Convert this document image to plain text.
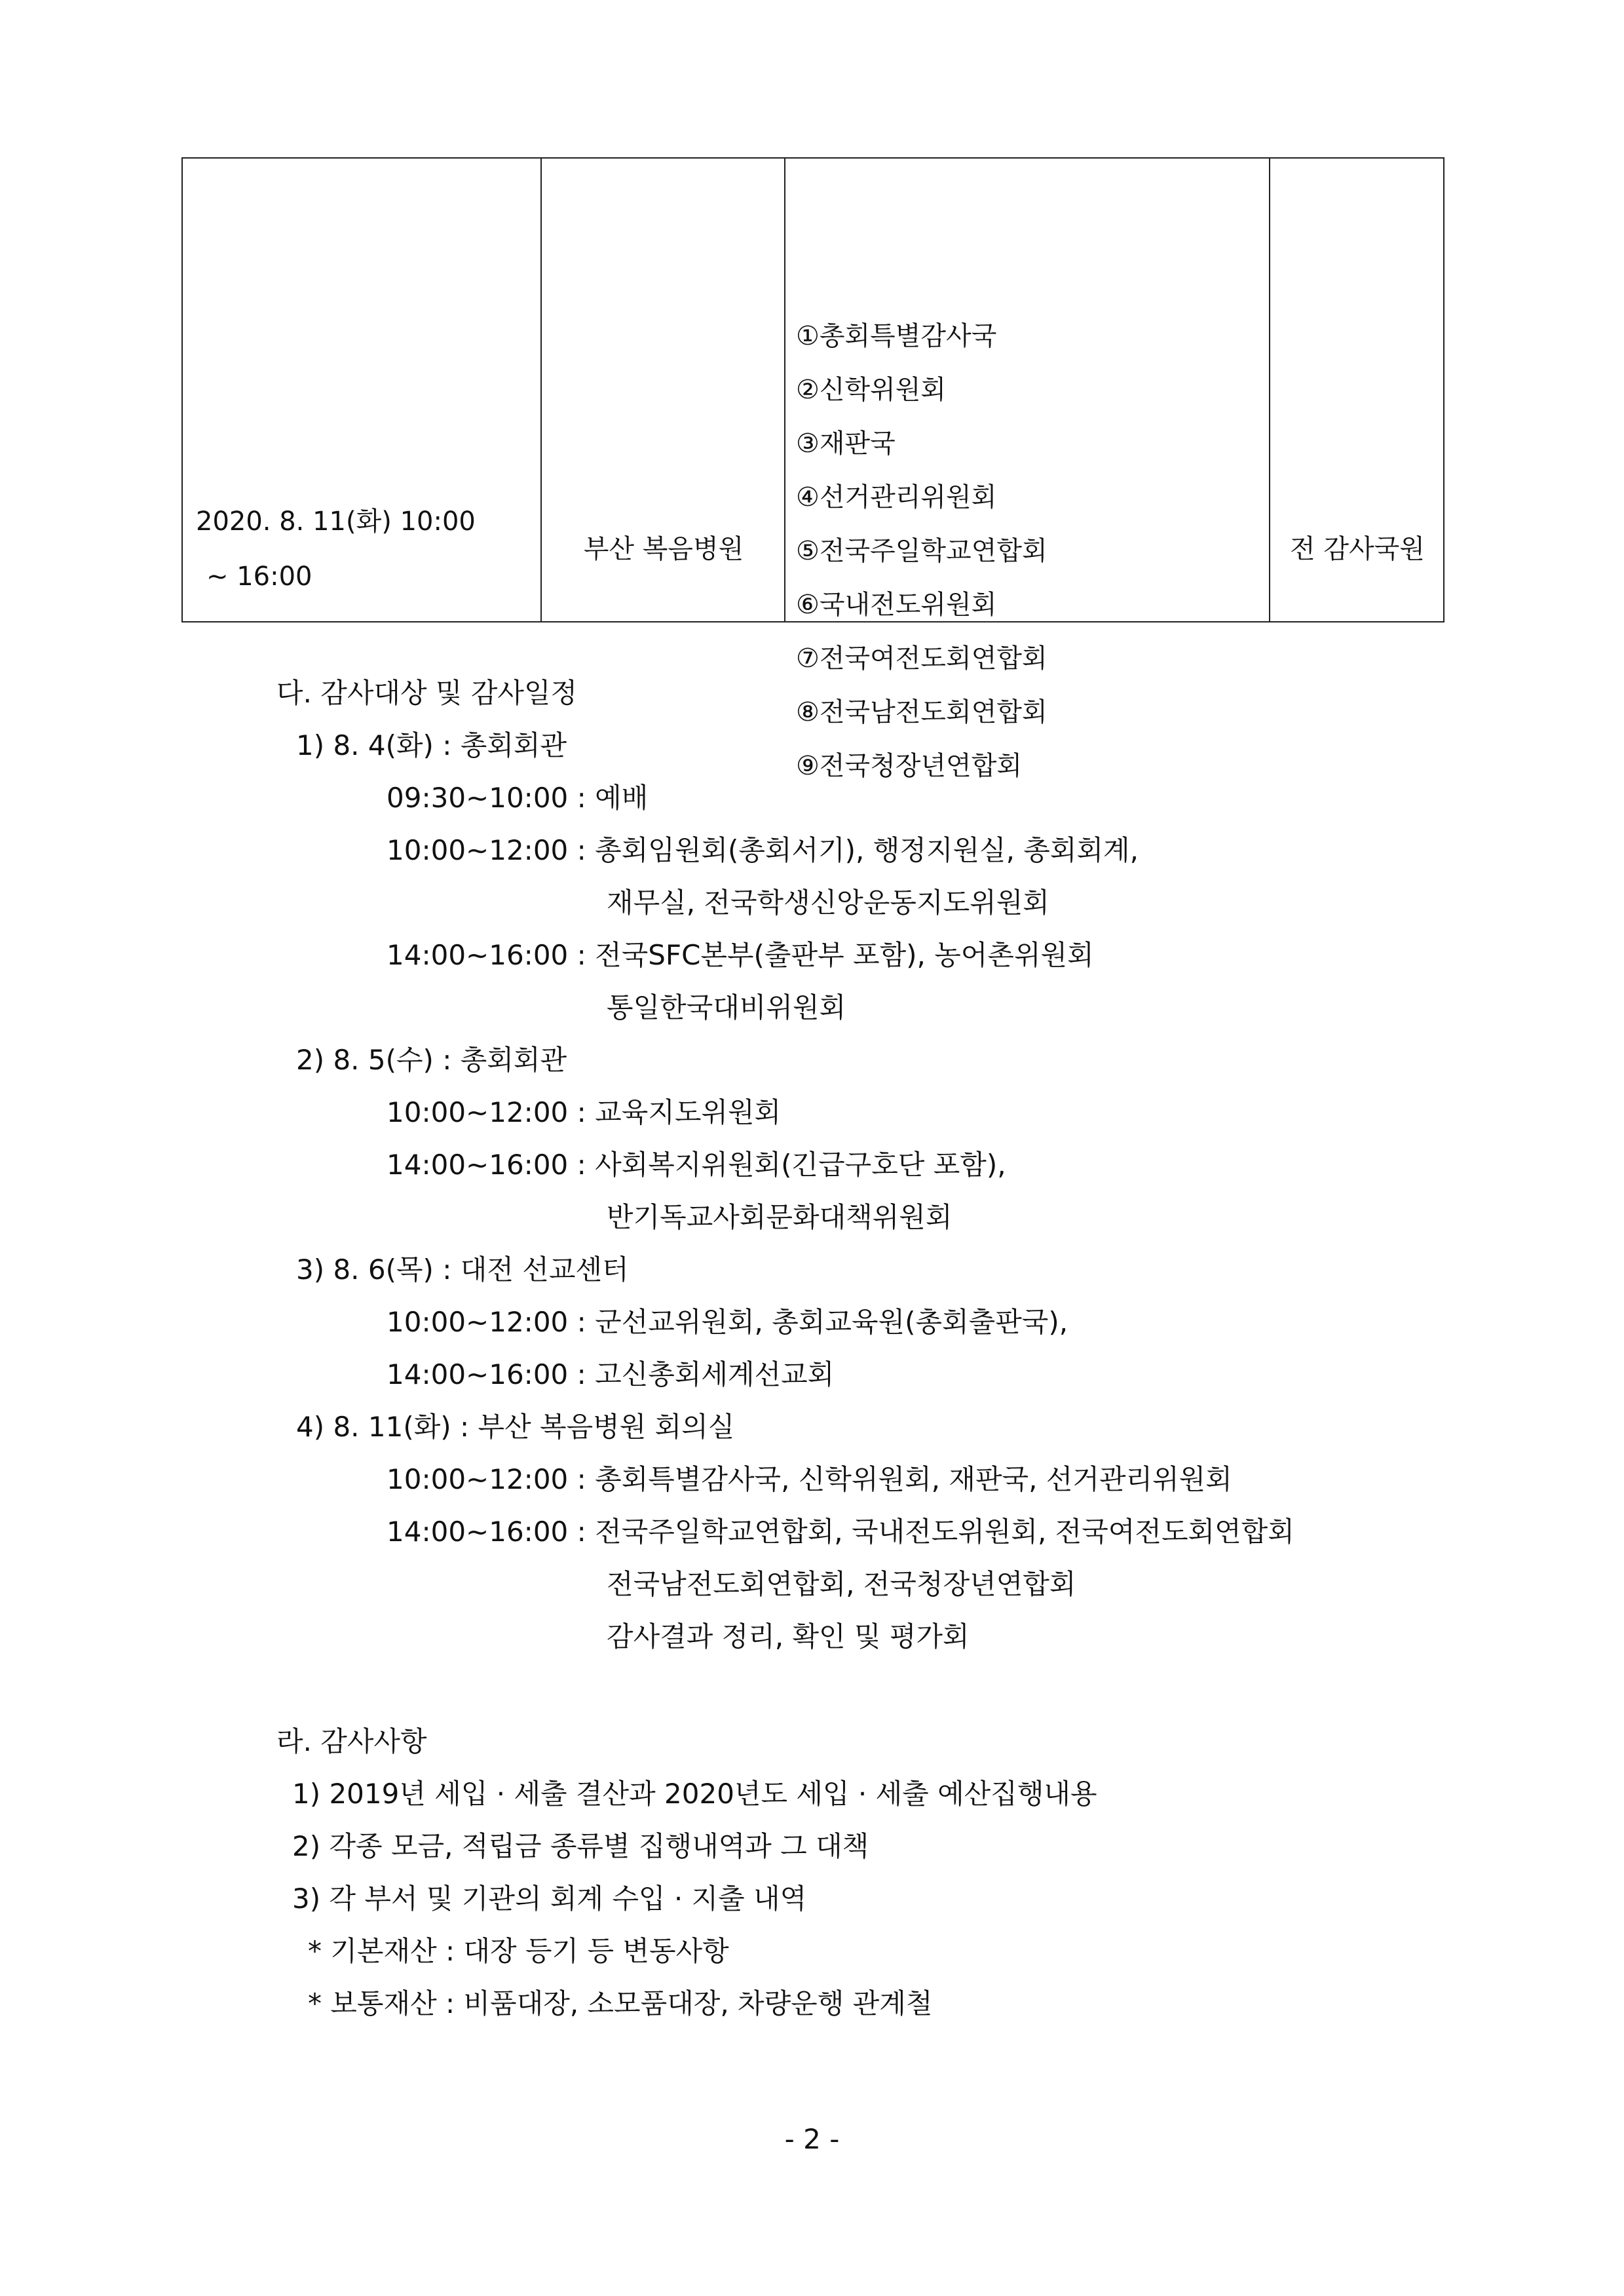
2020. 8. 11(화) 10:00
~ 16:00
부산 복음병원
①총회특별감사국
②신학위원회
③재판국
④선거관리위원회
⑤전국주일학교연합회
⑥국내전도위원회
⑦전국여전도회연합회
⑧전국남전도회연합회
⑨전국청장년연합회
전 감사국원
다. 감사대상 및 감사일정
1) 8. 4(화) : 총회회관
09:30~10:00 : 예배
10:00~12:00 : 총회임원회(총회서기), 행정지원실, 총회회계,
재무실, 전국학생신앙운동지도위원회
14:00~16:00 : 전국SFC본부(출판부 포함), 농어촌위원회
통일한국대비위원회
2) 8. 5(수) : 총회회관
10:00~12:00 : 교육지도위원회
14:00~16:00 : 사회복지위원회(긴급구호단 포함),
반기독교사회문화대책위원회
3) 8. 6(목) : 대전 선교센터
10:00~12:00 : 군선교위원회, 총회교육원(총회출판국),
14:00~16:00 : 고신총회세계선교회
4) 8. 11(화) : 부산 복음병원 회의실
10:00~12:00 : 총회특별감사국, 신학위원회, 재판국, 선거관리위원회
14:00~16:00 : 전국주일학교연합회, 국내전도위원회, 전국여전도회연합회
전국남전도회연합회, 전국청장년연합회
감사결과 정리, 확인 및 평가회
라. 감사사항
1) 2019년 세입 · 세출 결산과 2020년도 세입 · 세출 예산집행내용
2) 각종 모금, 적립금 종류별 집행내역과 그 대책
3) 각 부서 및 기관의 회계 수입 · 지출 내역
* 기본재산 : 대장 등기 등 변동사항
* 보통재산 : 비품대장, 소모품대장, 차량운행 관계철
- 2 -
